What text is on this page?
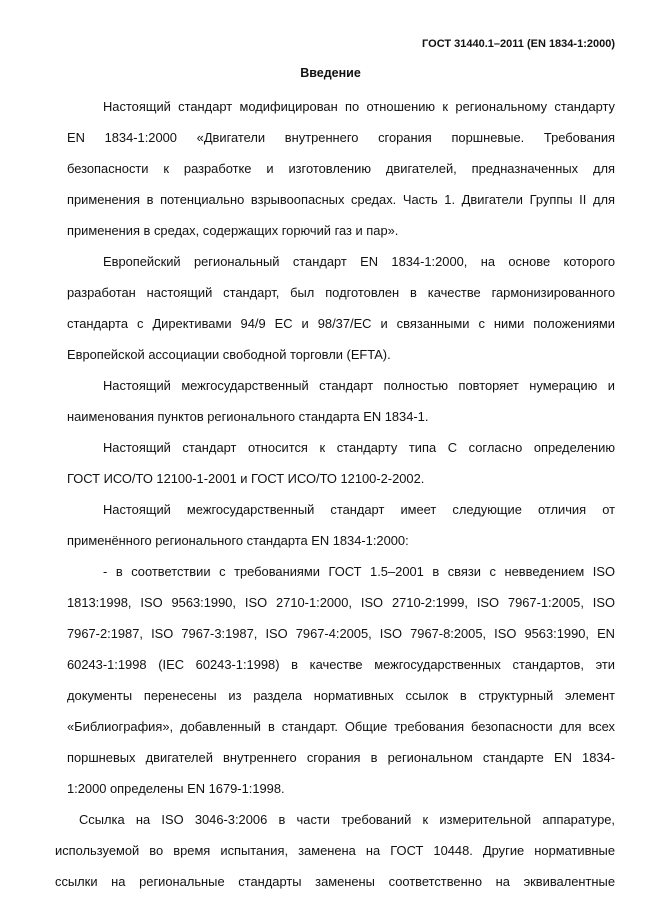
ГОСТ 31440.1–2011 (EN 1834-1:2000)
Введение
Настоящий стандарт модифицирован по отношению к региональному стандарту
EN 1834-1:2000 «Двигатели внутреннего сгорания поршневые. Требования
безопасности к разработке и изготовлению двигателей, предназначенных для
применения в потенциально взрывоопасных средах. Часть 1. Двигатели Группы II для
применения в средах, содержащих горючий газ и пар».
Европейский региональный стандарт EN 1834-1:2000, на основе которого
разработан настоящий стандарт, был подготовлен в качестве гармонизированного
стандарта с Директивами 94/9 ЕС и 98/37/ЕС и связанными с ними положениями
Европейской ассоциации свободной торговли (EFTA).
Настоящий межгосударственный стандарт полностью повторяет нумерацию и
наименования пунктов регионального стандарта EN 1834-1.
Настоящий стандарт относится к стандарту типа С согласно определению
ГОСТ ИСО/ТО 12100-1-2001 и ГОСТ ИСО/ТО 12100-2-2002.
Настоящий межгосударственный стандарт имеет следующие отличия от
применённого регионального стандарта EN 1834-1:2000:
- в соответствии с требованиями ГОСТ 1.5–2001 в связи с невведением ISO
1813:1998, ISO 9563:1990, ISO 2710-1:2000, ISO 2710-2:1999, ISO 7967-1:2005, ISO
7967-2:1987, ISO 7967-3:1987, ISO 7967-4:2005, ISO 7967-8:2005, ISO 9563:1990, EN
60243-1:1998 (IEC 60243-1:1998) в качестве межгосударственных стандартов, эти
документы перенесены из раздела нормативных ссылок в структурный элемент
«Библиография», добавленный в стандарт. Общие требования безопасности для всех
поршневых двигателей внутреннего сгорания в региональном стандарте EN 1834-
1:2000 определены EN 1679-1:1998.
Ссылка на ISO 3046-3:2006 в части требований к измерительной аппаратуре,
используемой во время испытания, заменена на ГОСТ 10448. Другие нормативные
ссылки на региональные стандарты заменены соответственно на эквивалентные
